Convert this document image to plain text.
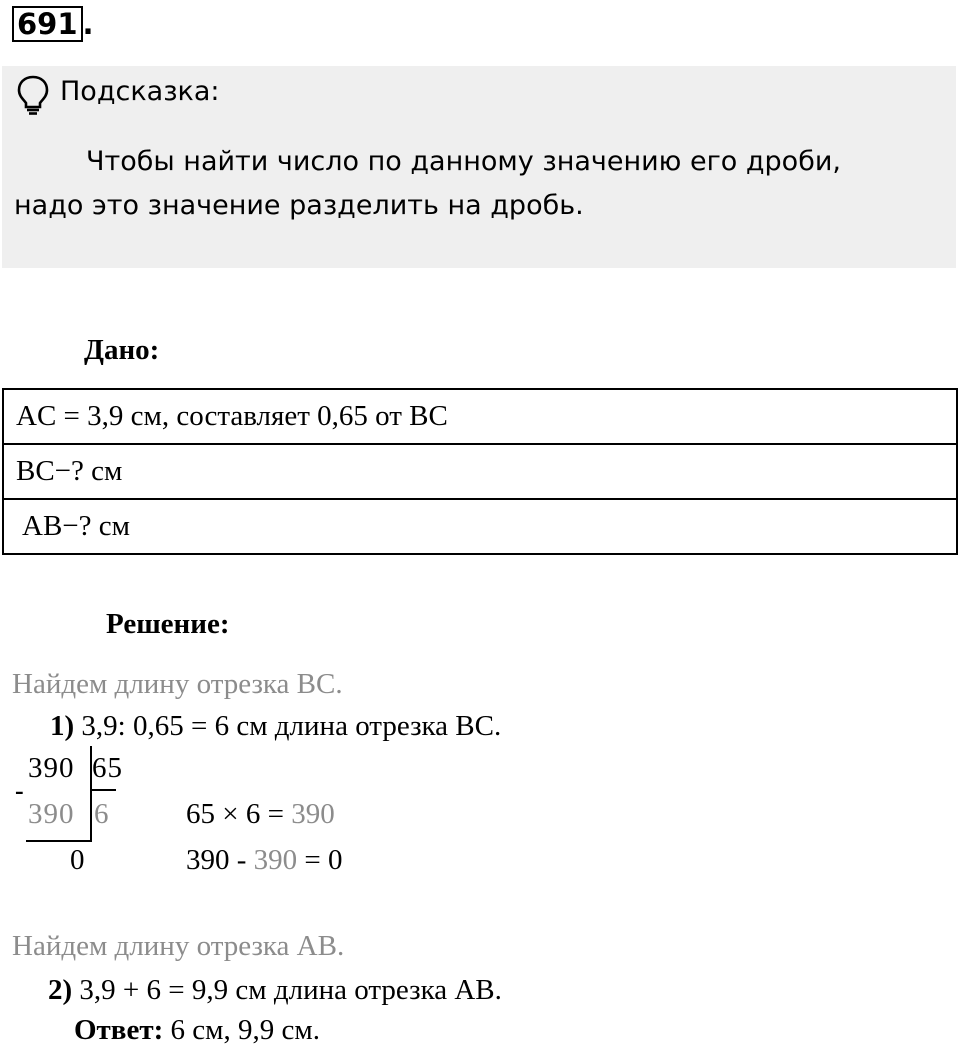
691 .
Подсказка:
Чтобы найти число по данному значению его дроби,
надо это значение разделить на дробь.
Дано:
AC = 3,9 см, составляет 0,65 от BC
BC−? см
AB−? см
Решение:
Найдем длину отрезка BC.
1) 3,9: 0,65 = 6 см длина отрезка BC.
390 65
-
390 6
0
65 × 6 = 390
390 - 390 = 0
Найдем длину отрезка AB.
2) 3,9 + 6 = 9,9 см длина отрезка AB.
Ответ: 6 см, 9,9 см.
